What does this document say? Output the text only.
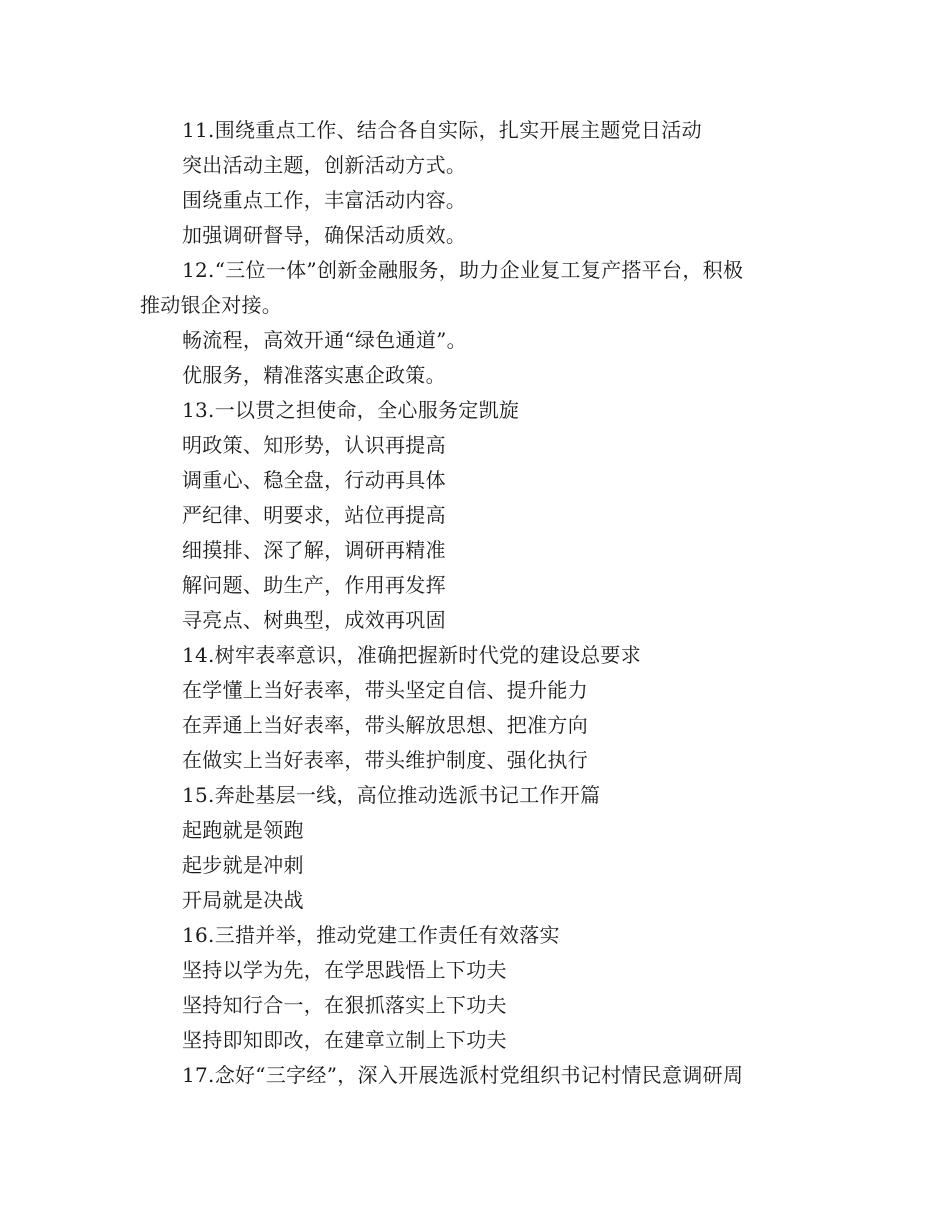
11.围绕重点工作、结合各自实际，扎实开展主题党日活动
突出活动主题，创新活动方式。
围绕重点工作，丰富活动内容。
加强调研督导，确保活动质效。
12.“三位一体”创新金融服务，助力企业复工复产搭平台，积极
推动银企对接。
畅流程，高效开通“绿色通道”。
优服务，精准落实惠企政策。
13.一以贯之担使命，全心服务定凯旋
明政策、知形势，认识再提高
调重心、稳全盘，行动再具体
严纪律、明要求，站位再提高
细摸排、深了解，调研再精准
解问题、助生产，作用再发挥
寻亮点、树典型，成效再巩固
14.树牢表率意识，准确把握新时代党的建设总要求
在学懂上当好表率，带头坚定自信、提升能力
在弄通上当好表率，带头解放思想、把准方向
在做实上当好表率，带头维护制度、强化执行
15.奔赴基层一线，高位推动选派书记工作开篇
起跑就是领跑
起步就是冲刺
开局就是决战
16.三措并举，推动党建工作责任有效落实
坚持以学为先，在学思践悟上下功夫
坚持知行合一，在狠抓落实上下功夫
坚持即知即改，在建章立制上下功夫
17.念好“三字经”，深入开展选派村党组织书记村情民意调研周
